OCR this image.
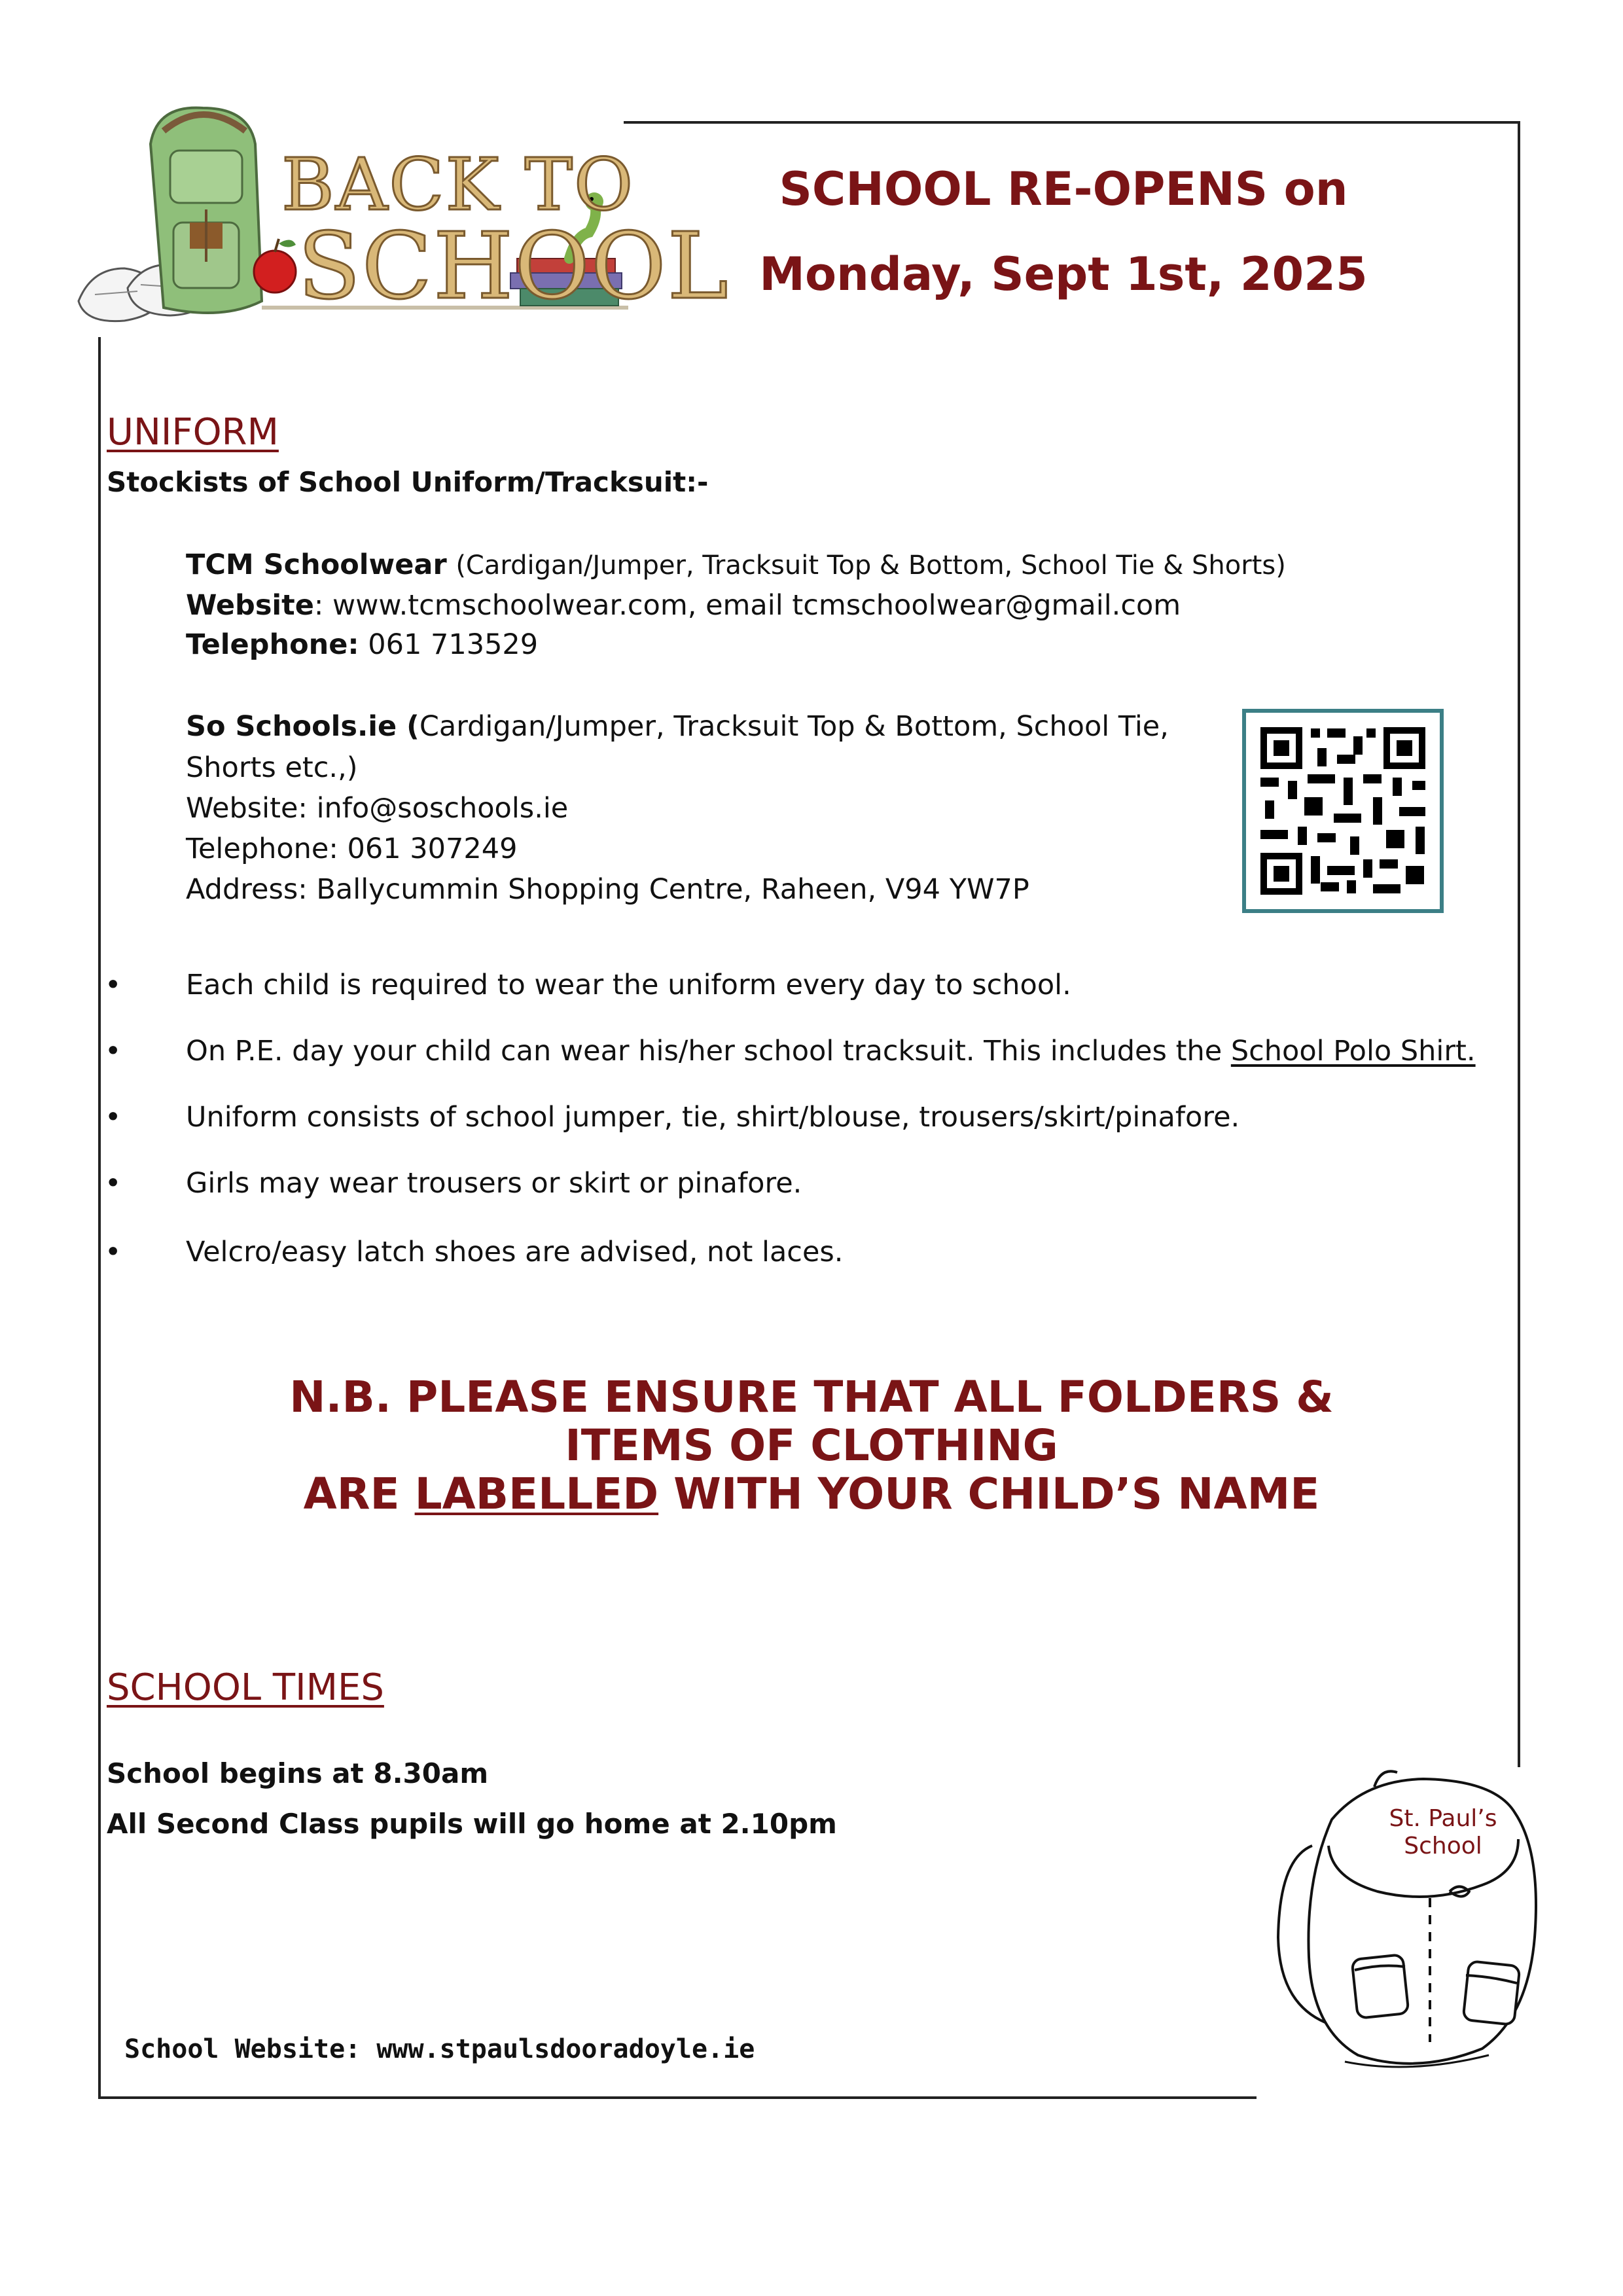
BACK TO
SCHOOL
SCHOOL RE-OPENS on
Monday, Sept 1st, 2025
UNIFORM
Stockists of School Uniform/Tracksuit:-
TCM Schoolwear (Cardigan/Jumper, Tracksuit Top & Bottom, School Tie & Shorts)
Website: www.tcmschoolwear.com, email tcmschoolwear@gmail.com
Telephone: 061 713529
So Schools.ie (Cardigan/Jumper, Tracksuit Top & Bottom, School Tie,
Shorts etc.,)
Website: info@soschools.ie
Telephone: 061 307249
Address: Ballycummin Shopping Centre, Raheen, V94 YW7P
• Each child is required to wear the uniform every day to school.
• On P.E. day your child can wear his/her school tracksuit. This includes the School Polo Shirt.
• Uniform consists of school jumper, tie, shirt/blouse, trousers/skirt/pinafore.
• Girls may wear trousers or skirt or pinafore.
• Velcro/easy latch shoes are advised, not laces.
N.B. PLEASE ENSURE THAT ALL FOLDERS &
ITEMS OF CLOTHING
ARE LABELLED WITH YOUR CHILD’S NAME
SCHOOL TIMES
School begins at 8.30am
All Second Class pupils will go home at 2.10pm
School Website: www.stpaulsdooradoyle.ie
St. Paul’s
School
